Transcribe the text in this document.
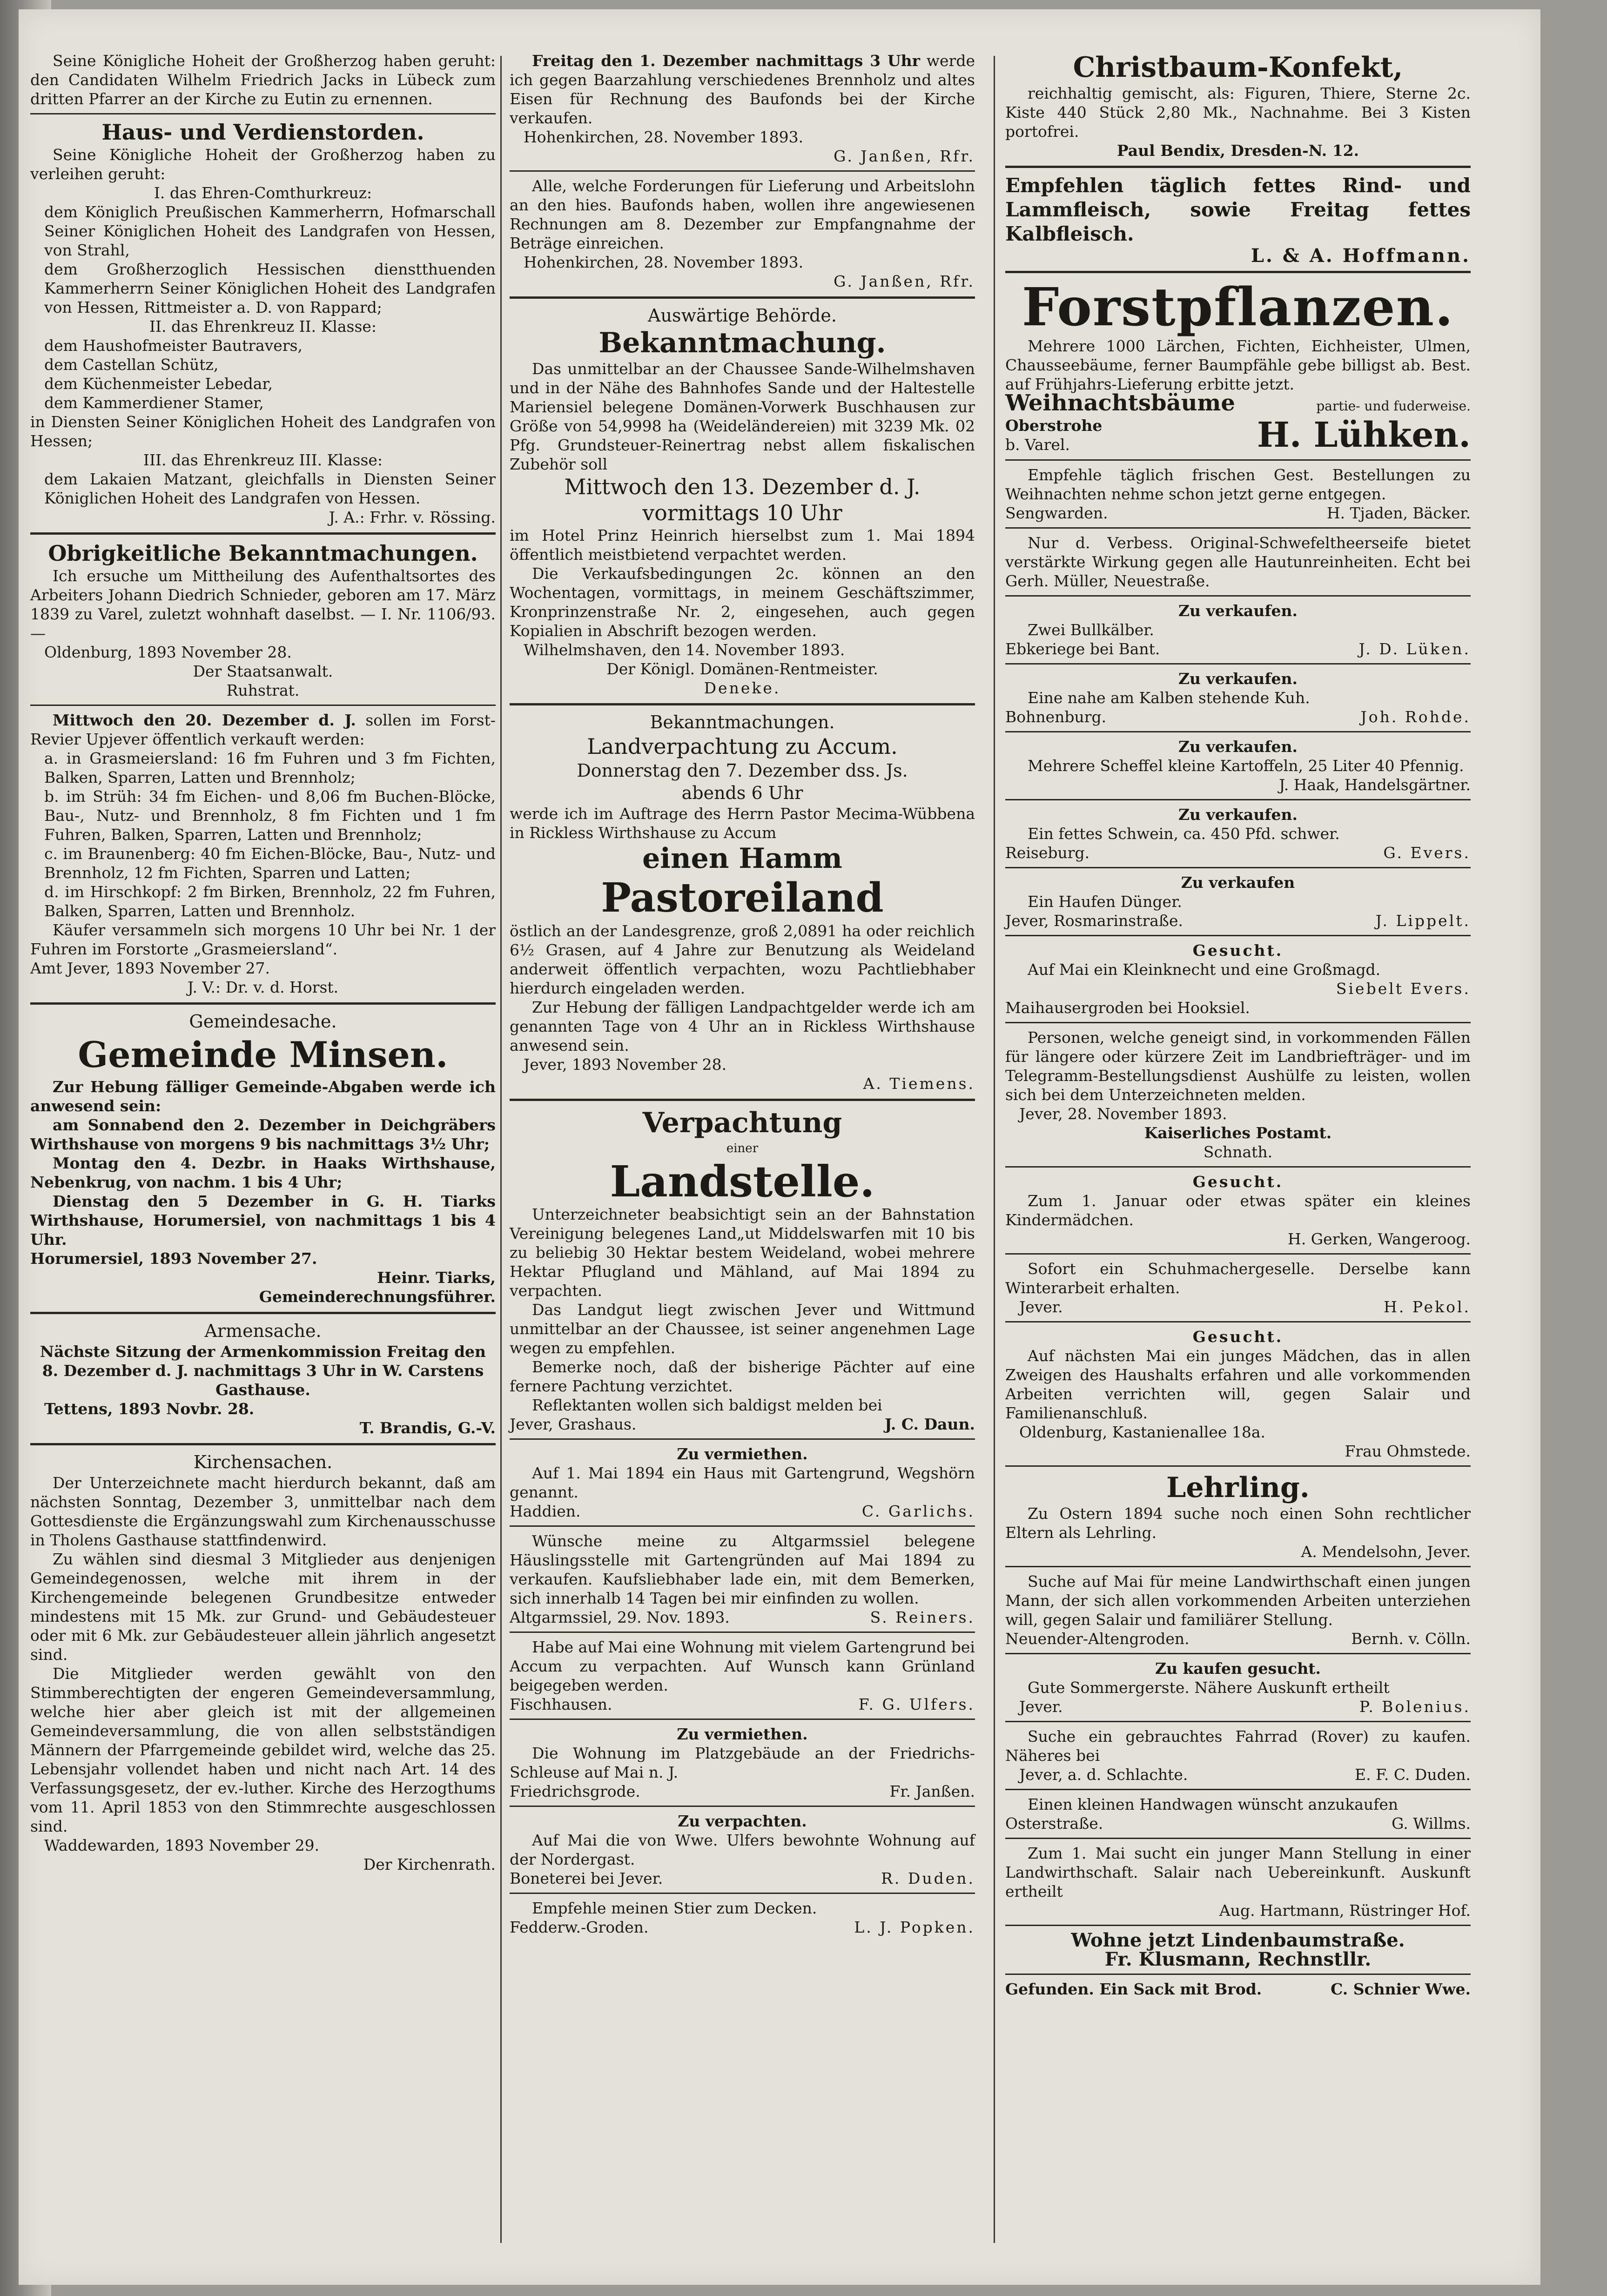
Seine Königliche Hoheit der Großherzog haben geruht: den Candidaten Wilhelm Friedrich Jacks in Lübeck zum dritten Pfarrer an der Kirche zu Eutin zu ernennen.

Haus- und Verdienstorden.

Seine Königliche Hoheit der Großherzog haben zu verleihen geruht:

I. das Ehren-Comthurkreuz:

dem Königlich Preußischen Kammerherrn, Hofmarschall Seiner Königlichen Hoheit des Landgrafen von Hessen, von Strahl,

dem Großherzoglich Hessischen dienstthuenden Kammerherrn Seiner Königlichen Hoheit des Landgrafen von Hessen, Rittmeister a. D. von Rappard;

II. das Ehrenkreuz II. Klasse:

dem Haushofmeister Bautravers,

dem Castellan Schütz,

dem Küchenmeister Lebedar,

dem Kammerdiener Stamer,

in Diensten Seiner Königlichen Hoheit des Landgrafen von Hessen;

III. das Ehrenkreuz III. Klasse:

dem Lakaien Matzant, gleichfalls in Diensten Seiner Königlichen Hoheit des Landgrafen von Hessen.

J. A.: Frhr. v. Rössing.

Obrigkeitliche Bekanntmachungen.

Ich ersuche um Mittheilung des Aufenthaltsortes des Arbeiters Johann Diedrich Schnieder, geboren am 17. März 1839 zu Varel, zuletzt wohnhaft daselbst. — I. Nr. 1106/93. —

Oldenburg, 1893 November 28.

Der Staatsanwalt.

Ruhstrat.

Mittwoch den 20. Dezember d. J. sollen im Forst-Revier Upjever öffentlich verkauft werden:

a. in Grasmeiersland: 16 fm Fuhren und 3 fm Fichten, Balken, Sparren, Latten und Brennholz;

b. im Strüh: 34 fm Eichen- und 8,06 fm Buchen-Blöcke, Bau-, Nutz- und Brennholz, 8 fm Fichten und 1 fm Fuhren, Balken, Sparren, Latten und Brennholz;

c. im Braunenberg: 40 fm Eichen-Blöcke, Bau-, Nutz- und Brennholz, 12 fm Fichten, Sparren und Latten;

d. im Hirschkopf: 2 fm Birken, Brennholz, 22 fm Fuhren, Balken, Sparren, Latten und Brennholz.

Käufer versammeln sich morgens 10 Uhr bei Nr. 1 der Fuhren im Forstorte „Grasmeiersland“.

Amt Jever, 1893 November 27.

J. V.: Dr. v. d. Horst.

Gemeindesache.
Gemeinde Minsen.

Zur Hebung fälliger Gemeinde-Abgaben werde ich anwesend sein:

am Sonnabend den 2. Dezember in Deichgräbers Wirthshause von morgens 9 bis nachmittags 3½ Uhr;

Montag den 4. Dezbr. in Haaks Wirthshause, Nebenkrug, von nachm. 1 bis 4 Uhr;

Dienstag den 5 Dezember in G. H. Tiarks Wirthshause, Horumersiel, von nachmittags 1 bis 4 Uhr.

Horumersiel, 1893 November 27.

Heinr. Tiarks,

Gemeinderechnungsführer.

Armensache.

Nächste Sitzung der Armenkommission Freitag den 8. Dezember d. J. nachmittags 3 Uhr in W. Carstens Gasthause.

Tettens, 1893 Novbr. 28.

T. Brandis, G.-V.

Kirchensachen.

Der Unterzeichnete macht hierdurch bekannt, daß am nächsten Sonntag, Dezember 3, unmittelbar nach dem Gottesdienste die Ergänzungswahl zum Kirchenausschusse in Tholens Gasthause stattfindenwird.

Zu wählen sind diesmal 3 Mitglieder aus denjenigen Gemeindegenossen, welche mit ihrem in der Kirchengemeinde belegenen Grundbesitze entweder mindestens mit 15 Mk. zur Grund- und Gebäudesteuer oder mit 6 Mk. zur Gebäudesteuer allein jährlich angesetzt sind.

Die Mitglieder werden gewählt von den Stimmberechtigten der engeren Gemeindeversammlung, welche hier aber gleich ist mit der allgemeinen Gemeindeversammlung, die von allen selbstständigen Männern der Pfarrgemeinde gebildet wird, welche das 25. Lebensjahr vollendet haben und nicht nach Art. 14 des Verfassungsgesetz, der ev.-luther. Kirche des Herzogthums vom 11. April 1853 von den Stimmrechte ausgeschlossen sind.

Waddewarden, 1893 November 29.

Der Kirchenrath.

Freitag den 1. Dezember nachmittags 3 Uhr werde ich gegen Baarzahlung verschiedenes Brennholz und altes Eisen für Rechnung des Baufonds bei der Kirche verkaufen.

Hohenkirchen, 28. November 1893.

G. Janßen, Rfr.

Alle, welche Forderungen für Lieferung und Arbeitslohn an den hies. Baufonds haben, wollen ihre angewiesenen Rechnungen am 8. Dezember zur Empfangnahme der Beträge einreichen.

Hohenkirchen, 28. November 1893.

G. Janßen, Rfr.

Auswärtige Behörde.
Bekanntmachung.

Das unmittelbar an der Chaussee Sande-Wilhelmshaven und in der Nähe des Bahnhofes Sande und der Haltestelle Mariensiel belegene Domänen-Vorwerk Buschhausen zur Größe von 54,9998 ha (Weideländereien) mit 3239 Mk. 02 Pfg. Grundsteuer-Reinertrag nebst allem fiskalischen Zubehör soll

Mittwoch den 13. Dezember d. J.
vormittags 10 Uhr

im Hotel Prinz Heinrich hierselbst zum 1. Mai 1894 öffentlich meistbietend verpachtet werden.

Die Verkaufsbedingungen 2c. können an den Wochentagen, vormittags, in meinem Geschäftszimmer, Kronprinzenstraße Nr. 2, eingesehen, auch gegen Kopialien in Abschrift bezogen werden.

Wilhelmshaven, den 14. November 1893.

Der Königl. Domänen-Rentmeister.

Deneke.

Bekanntmachungen.
Landverpachtung zu Accum.
Donnerstag den 7. Dezember dss. Js.
abends 6 Uhr

werde ich im Auftrage des Herrn Pastor Mecima-Wübbena in Rickless Wirthshause zu Accum

einen Hamm
Pastoreiland

östlich an der Landesgrenze, groß 2,0891 ha oder reichlich 6½ Grasen, auf 4 Jahre zur Benutzung als Weideland anderweit öffentlich verpachten, wozu Pachtliebhaber hierdurch eingeladen werden.

Zur Hebung der fälligen Landpachtgelder werde ich am genannten Tage von 4 Uhr an in Rickless Wirthshause anwesend sein.

Jever, 1893 November 28.

A. Tiemens.

Verpachtung

einer

Landstelle.

Unterzeichneter beabsichtigt sein an der Bahnstation Vereinigung belegenes Land„ut Middelswarfen mit 10 bis zu beliebig 30 Hektar bestem Weideland, wobei mehrere Hektar Pflugland und Mähland, auf Mai 1894 zu verpachten.

Das Landgut liegt zwischen Jever und Wittmund unmittelbar an der Chaussee, ist seiner angenehmen Lage wegen zu empfehlen.

Bemerke noch, daß der bisherige Pächter auf eine fernere Pachtung verzichtet.

Reflektanten wollen sich baldigst melden bei

Jever, Grashaus.	J. C. Daun.

Zu vermiethen.

Auf 1. Mai 1894 ein Haus mit Gartengrund, Wegshörn genannt.

Haddien.	C. Garlichs.

Wünsche meine zu Altgarmssiel belegene Häuslingsstelle mit Gartengründen auf Mai 1894 zu verkaufen. Kaufsliebhaber lade ein, mit dem Bemerken, sich innerhalb 14 Tagen bei mir einfinden zu wollen.

Altgarmssiel, 29. Nov. 1893.	S. Reiners.

Habe auf Mai eine Wohnung mit vielem Gartengrund bei Accum zu verpachten. Auf Wunsch kann Grünland beigegeben werden.

Fischhausen.	F. G. Ulfers.

Zu vermiethen.

Die Wohnung im Platzgebäude an der Friedrichs-Schleuse auf Mai n. J.

Friedrichsgrode.	Fr. Janßen.

Zu verpachten.

Auf Mai die von Wwe. Ulfers bewohnte Wohnung auf der Nordergast.

Boneterei bei Jever.	R. Duden.

Empfehle meinen Stier zum Decken.

Fedderw.-Groden.	L. J. Popken.
Christbaum-Konfekt,

reichhaltig gemischt, als: Figuren, Thiere, Sterne 2c. Kiste 440 Stück 2,80 Mk., Nachnahme. Bei 3 Kisten portofrei.

Paul Bendix, Dresden-N. 12.

Empfehlen täglich fettes Rind- und Lammfleisch, sowie Freitag fettes Kalbfleisch.

L. & A. Hoffmann.

Forstpflanzen.

Mehrere 1000 Lärchen, Fichten, Eichheister, Ulmen, Chausseebäume, ferner Baumpfähle gebe billigst ab. Best. auf Frühjahrs-Lieferung erbitte jetzt.

Weihnachtsbäume	partie- und fuderweise.

Oberstrohe

b. Varel.	H. Lühken.

Empfehle täglich frischen Gest. Bestellungen zu Weihnachten nehme schon jetzt gerne entgegen.

Sengwarden.	H. Tjaden, Bäcker.

Nur d. Verbess. Original-Schwefeltheerseife bietet verstärkte Wirkung gegen alle Hautunreinheiten. Echt bei Gerh. Müller, Neuestraße.

Zu verkaufen.

Zwei Bullkälber.

Ebkeriege bei Bant.	J. D. Lüken.

Zu verkaufen.

Eine nahe am Kalben stehende Kuh.

Bohnenburg.	Joh. Rohde.

Zu verkaufen.

Mehrere Scheffel kleine Kartoffeln, 25 Liter 40 Pfennig.

J. Haak, Handelsgärtner.

Zu verkaufen.

Ein fettes Schwein, ca. 450 Pfd. schwer.

Reiseburg.	G. Evers.

Zu verkaufen

Ein Haufen Dünger.

Jever, Rosmarinstraße.	J. Lippelt.

Gesucht.

Auf Mai ein Kleinknecht und eine Großmagd.

Siebelt Evers.

Maihausergroden bei Hooksiel.

Personen, welche geneigt sind, in vorkommenden Fällen für längere oder kürzere Zeit im Landbriefträger- und im Telegramm-Bestellungsdienst Aushülfe zu leisten, wollen sich bei dem Unterzeichneten melden.

Jever, 28. November 1893.

Kaiserliches Postamt.

Schnath.

Gesucht.

Zum 1. Januar oder etwas später ein kleines Kindermädchen.

H. Gerken, Wangeroog.

Sofort ein Schuhmachergeselle. Derselbe kann Winterarbeit erhalten.

Jever.	H. Pekol.

Gesucht.

Auf nächsten Mai ein junges Mädchen, das in allen Zweigen des Haushalts erfahren und alle vorkommenden Arbeiten verrichten will, gegen Salair und Familienanschluß.

Oldenburg, Kastanienallee 18a.

Frau Ohmstede.

Lehrling.

Zu Ostern 1894 suche noch einen Sohn rechtlicher Eltern als Lehrling.

A. Mendelsohn, Jever.

Suche auf Mai für meine Landwirthschaft einen jungen Mann, der sich allen vorkommenden Arbeiten unterziehen will, gegen Salair und familiärer Stellung.

Neuender-Altengroden.	Bernh. v. Cölln.

Zu kaufen gesucht.

Gute Sommergerste. Nähere Auskunft ertheilt

Jever.	P. Bolenius.

Suche ein gebrauchtes Fahrrad (Rover) zu kaufen. Näheres bei

Jever, a. d. Schlachte.	E. F. C. Duden.

Einen kleinen Handwagen wünscht anzukaufen

Osterstraße.	G. Willms.

Zum 1. Mai sucht ein junger Mann Stellung in einer Landwirthschaft. Salair nach Uebereinkunft. Auskunft ertheilt

Aug. Hartmann, Rüstringer Hof.

Wohne jetzt Lindenbaumstraße.

Fr. Klusmann, Rechnstllr.

Gefunden. Ein Sack mit Brod.	C. Schnier Wwe.
